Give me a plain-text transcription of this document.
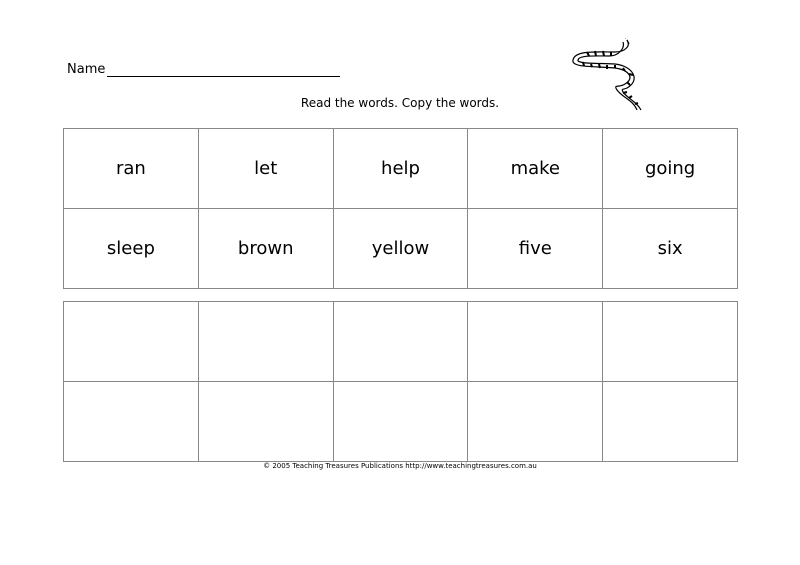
Name
Read the words. Copy the words.
ran	let	help	make	going
sleep	brown	yellow	five	six

© 2005 Teaching Treasures Publications http://www.teachingtreasures.com.au
